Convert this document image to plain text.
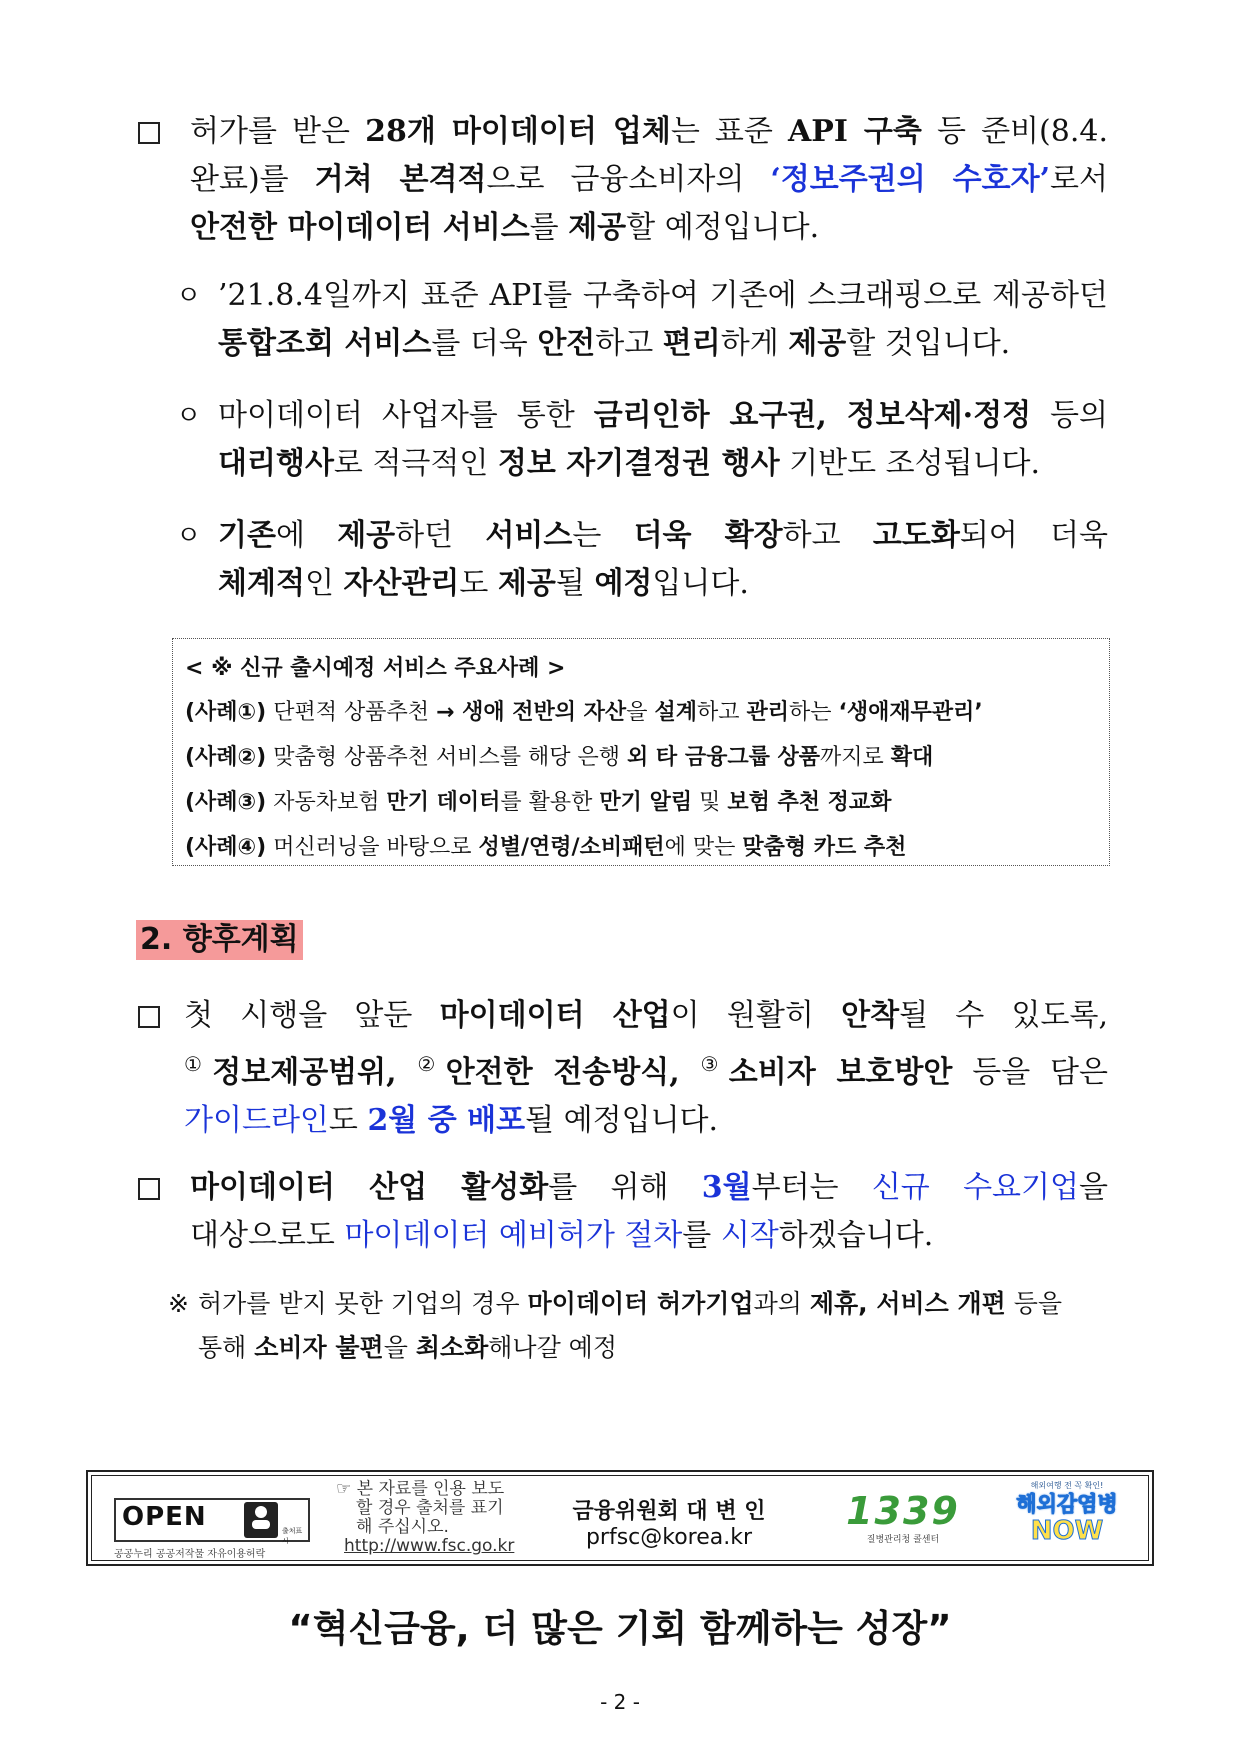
허가를 받은 28개 마이데이터 업체는 표준 API 구축 등 준비(8.4.
완료)를 거쳐 본격적으로 금융소비자의 ‘정보주권의 수호자’로서
안전한 마이데이터 서비스를 제공할 예정입니다.
ㅇ ’21.8.4일까지 표준 API를 구축하여 기존에 스크래핑으로 제공하던
통합조회 서비스를 더욱 안전하고 편리하게 제공할 것입니다.
ㅇ 마이데이터 사업자를 통한 금리인하 요구권, 정보삭제·정정 등의
대리행사로 적극적인 정보 자기결정권 행사 기반도 조성됩니다.
ㅇ 기존에 제공하던 서비스는 더욱 확장하고 고도화되어 더욱
체계적인 자산관리도 제공될 예정입니다.
< ※ 신규 출시예정 서비스 주요사례 >
(사례①) 단편적 상품추천 → 생애 전반의 자산을 설계하고 관리하는 ‘생애재무관리’
(사례②) 맞춤형 상품추천 서비스를 해당 은행 외 타 금융그룹 상품까지로 확대
(사례③) 자동차보험 만기 데이터를 활용한 만기 알림 및 보험 추천 정교화
(사례④) 머신러닝을 바탕으로 성별/연령/소비패턴에 맞는 맞춤형 카드 추천
2. 향후계획
첫 시행을 앞둔 마이데이터 산업이 원활히 안착될 수 있도록,
①정보제공범위, ②안전한 전송방식, ③소비자 보호방안 등을 담은
가이드라인도 2월 중 배포될 예정입니다.
마이데이터 산업 활성화를 위해 3월부터는 신규 수요기업을
대상으로도 마이데이터 예비허가 절차를 시작하겠습니다.
※ 허가를 받지 못한 기업의 경우 마이데이터 허가기업과의 제휴, 서비스 개편 등을
통해 소비자 불편을 최소화해나갈 예정
OPEN	출처표시
공공누리 공공저작물 자유이용허락
☞ 본 자료를 인용 보도
할 경우 출처를 표기
해 주십시오.
http://www.fsc.go.kr
금융위원회 대 변 인
prfsc@korea.kr
1339
질병관리청 콜센터
해외여행 전 꼭 확인!
해외감염병
NOW
“혁신금융, 더 많은 기회 함께하는 성장”
- 2 -
